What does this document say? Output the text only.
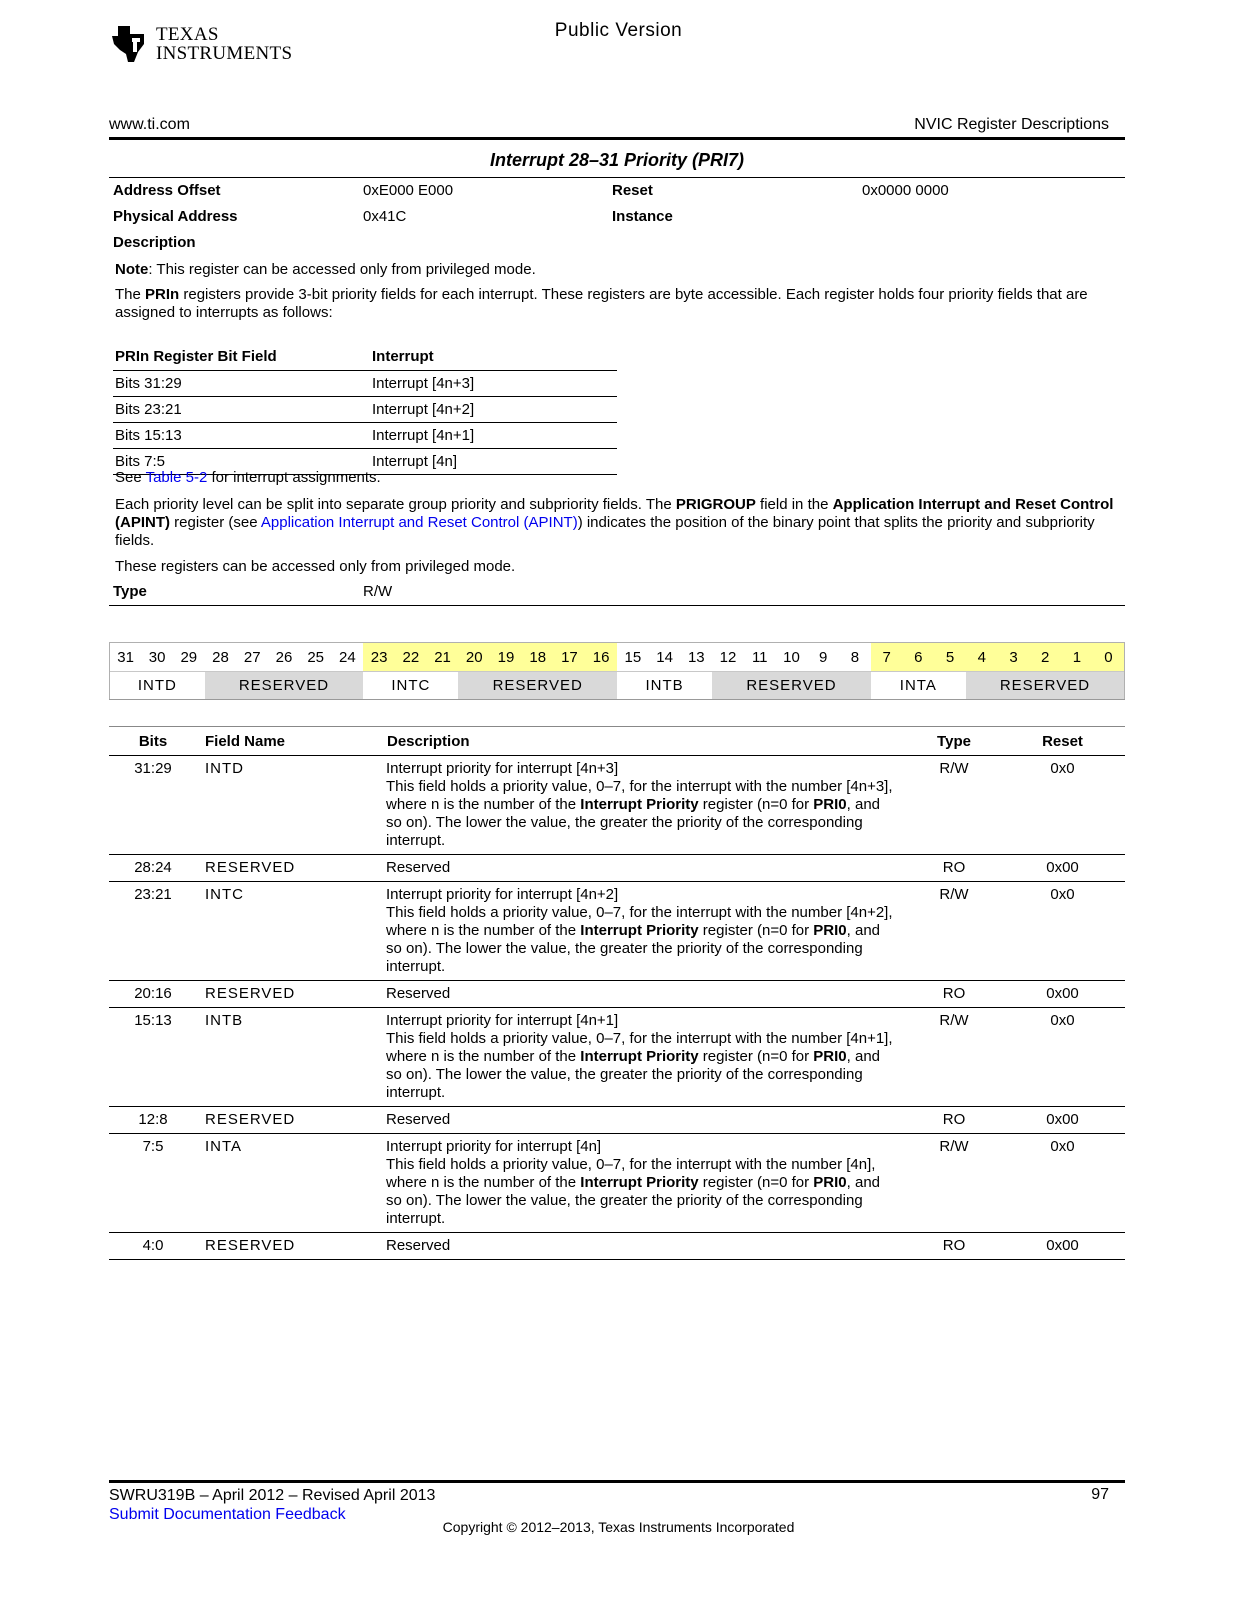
TEXAS
INSTRUMENTS
Public Version
www.ti.com	NVIC Register Descriptions
Interrupt 28–31 Priority (PRI7)
Address Offset	0xE000 E000	Reset	0x0000 0000
Physical Address	0x41C	Instance
Description

Note: This register can be accessed only from privileged mode.

The PRIn registers provide 3-bit priority fields for each interrupt. These registers are byte accessible. Each register holds four priority fields that are assigned to interrupts as follows:

PRIn Register Bit Field	Interrupt
Bits 31:29	Interrupt [4n+3]
Bits 23:21	Interrupt [4n+2]
Bits 15:13	Interrupt [4n+1]
Bits 7:5	Interrupt [4n]

See Table 5-2 for interrupt assignments.

Each priority level can be split into separate group priority and subpriority fields. The PRIGROUP field in the Application Interrupt and Reset Control (APINT) register (see Application Interrupt and Reset Control (APINT)) indicates the position of the binary point that splits the priority and subpriority fields.

These registers can be accessed only from privileged mode.

Type	R/W
31	30	29	28	27	26	25	24	23	22	21	20	19	18	17	16	15	14	13	12	11	10	9	8	7	6	5	4	3	2	1	0
INTD			RESERVED					INTC			RESERVED					INTB			RESERVED					INTA			RESERVED				
Bits	Field Name	Description	Type	Reset
31:29	INTD	Interrupt priority for interrupt [4n+3]
This field holds a priority value, 0–7, for the interrupt with the number [4n+3], where n is the number of the Interrupt Priority register (n=0 for PRI0, and so on). The lower the value, the greater the priority of the corresponding interrupt.	R/W	0x0
28:24	RESERVED	Reserved	RO	0x00
23:21	INTC	Interrupt priority for interrupt [4n+2]
This field holds a priority value, 0–7, for the interrupt with the number [4n+2], where n is the number of the Interrupt Priority register (n=0 for PRI0, and so on). The lower the value, the greater the priority of the corresponding interrupt.	R/W	0x0
20:16	RESERVED	Reserved	RO	0x00
15:13	INTB	Interrupt priority for interrupt [4n+1]
This field holds a priority value, 0–7, for the interrupt with the number [4n+1], where n is the number of the Interrupt Priority register (n=0 for PRI0, and so on). The lower the value, the greater the priority of the corresponding interrupt.	R/W	0x0
12:8	RESERVED	Reserved	RO	0x00
7:5	INTA	Interrupt priority for interrupt [4n]
This field holds a priority value, 0–7, for the interrupt with the number [4n], where n is the number of the Interrupt Priority register (n=0 for PRI0, and so on). The lower the value, the greater the priority of the corresponding interrupt.	R/W	0x0
4:0	RESERVED	Reserved	RO	0x00
SWRU319B – April 2012 – Revised April 2013
Submit Documentation Feedback
97
Copyright © 2012–2013, Texas Instruments Incorporated
